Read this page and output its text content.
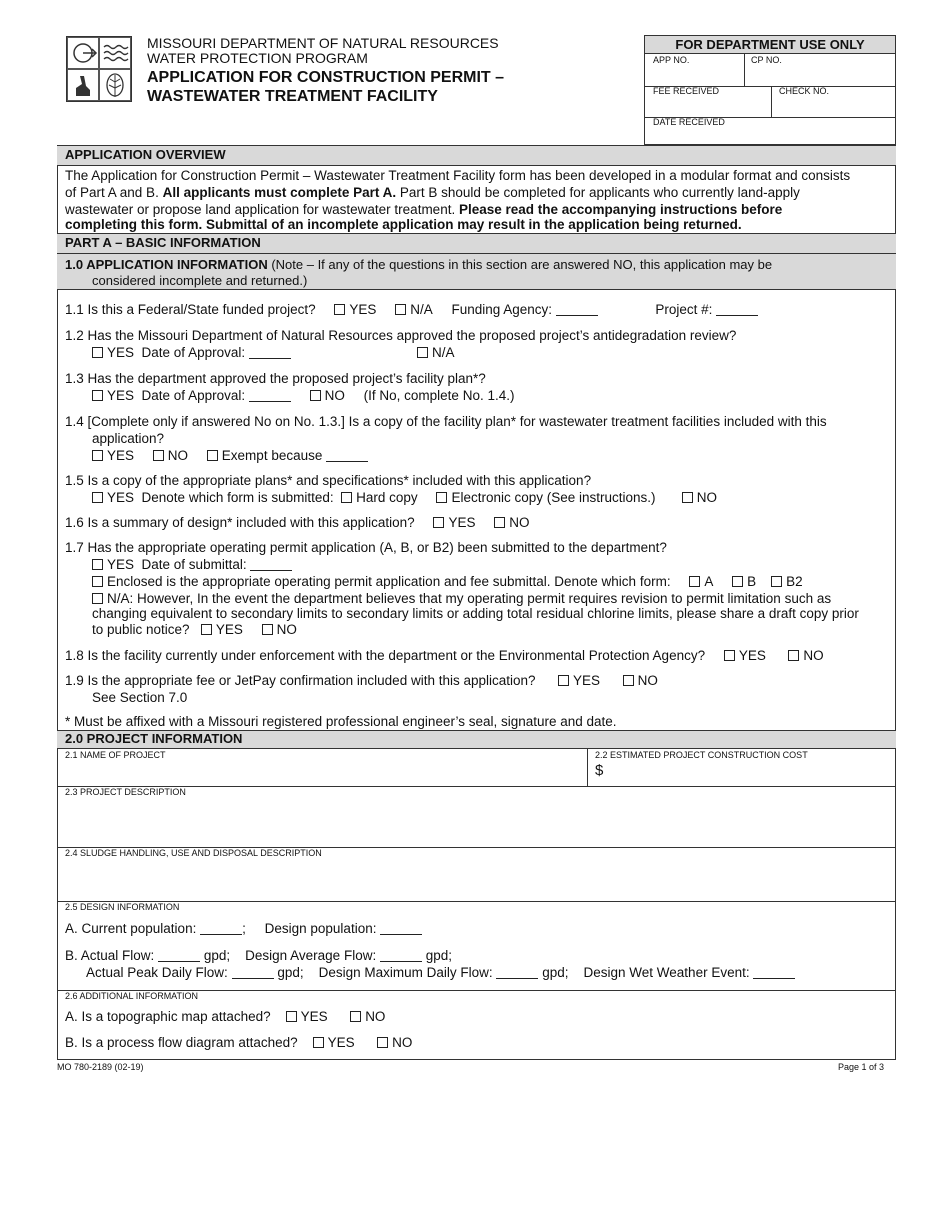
MISSOURI DEPARTMENT OF NATURAL RESOURCES
WATER PROTECTION PROGRAM
APPLICATION FOR CONSTRUCTION PERMIT –
WASTEWATER TREATMENT FACILITY
FOR DEPARTMENT USE ONLY
APP NO.	CP NO.
FEE RECEIVED	CHECK NO.
DATE RECEIVED
APPLICATION OVERVIEW
The Application for Construction Permit – Wastewater Treatment Facility form has been developed in a modular format and consists
of Part A and B. All applicants must complete Part A. Part B should be completed for applicants who currently land-apply
wastewater or propose land application for wastewater treatment. Please read the accompanying instructions before
completing this form. Submittal of an incomplete application may result in the application being returned.
PART A – BASIC INFORMATION
1.0 APPLICATION INFORMATION (Note – If any of the questions in this section are answered NO, this application may be
considered incomplete and returned.)
1.1 Is this a Federal/State funded project?	YES	N/A Funding Agency:	Project #:
1.2 Has the Missouri Department of Natural Resources approved the proposed project’s antidegradation review?
YES Date of Approval:	N/A
1.3 Has the department approved the proposed project’s facility plan*?
YES Date of Approval:	NO (If No, complete No. 1.4.)
1.4 [Complete only if answered No on No. 1.3.] Is a copy of the facility plan* for wastewater treatment facilities included with this
application?
YES	NO	Exempt because
1.5 Is a copy of the appropriate plans* and specifications* included with this application?
YES Denote which form is submitted: Hard copy	Electronic copy (See instructions.)	NO
1.6 Is a summary of design* included with this application?	YES	NO
1.7 Has the appropriate operating permit application (A, B, or B2) been submitted to the department?
YES Date of submittal:
Enclosed is the appropriate operating permit application and fee submittal. Denote which form:	A	B B2
N/A: However, In the event the department believes that my operating permit requires revision to permit limitation such as
changing equivalent to secondary limits to secondary limits or adding total residual chlorine limits, please share a draft copy prior
to public notice? YES	NO
1.8 Is the facility currently under enforcement with the department or the Environmental Protection Agency?	YES	NO
1.9 Is the appropriate fee or JetPay confirmation included with this application?	YES	NO
See Section 7.0
* Must be affixed with a Missouri registered professional engineer’s seal, signature and date.
2.0 PROJECT INFORMATION
2.1 NAME OF PROJECT	2.2 ESTIMATED PROJECT CONSTRUCTION COST
$
2.3 PROJECT DESCRIPTION
2.4 SLUDGE HANDLING, USE AND DISPOSAL DESCRIPTION
2.5 DESIGN INFORMATION
A. Current population:	;     Design population:
B. Actual Flow:	gpd; Design Average Flow:	gpd;
Actual Peak Daily Flow:	gpd; Design Maximum Daily Flow:	gpd; Design Wet Weather Event:
2.6 ADDITIONAL INFORMATION
A. Is a topographic map attached? YES	NO
B. Is a process flow diagram attached? YES	NO
MO 780-2189 (02-19)	Page 1 of 3
